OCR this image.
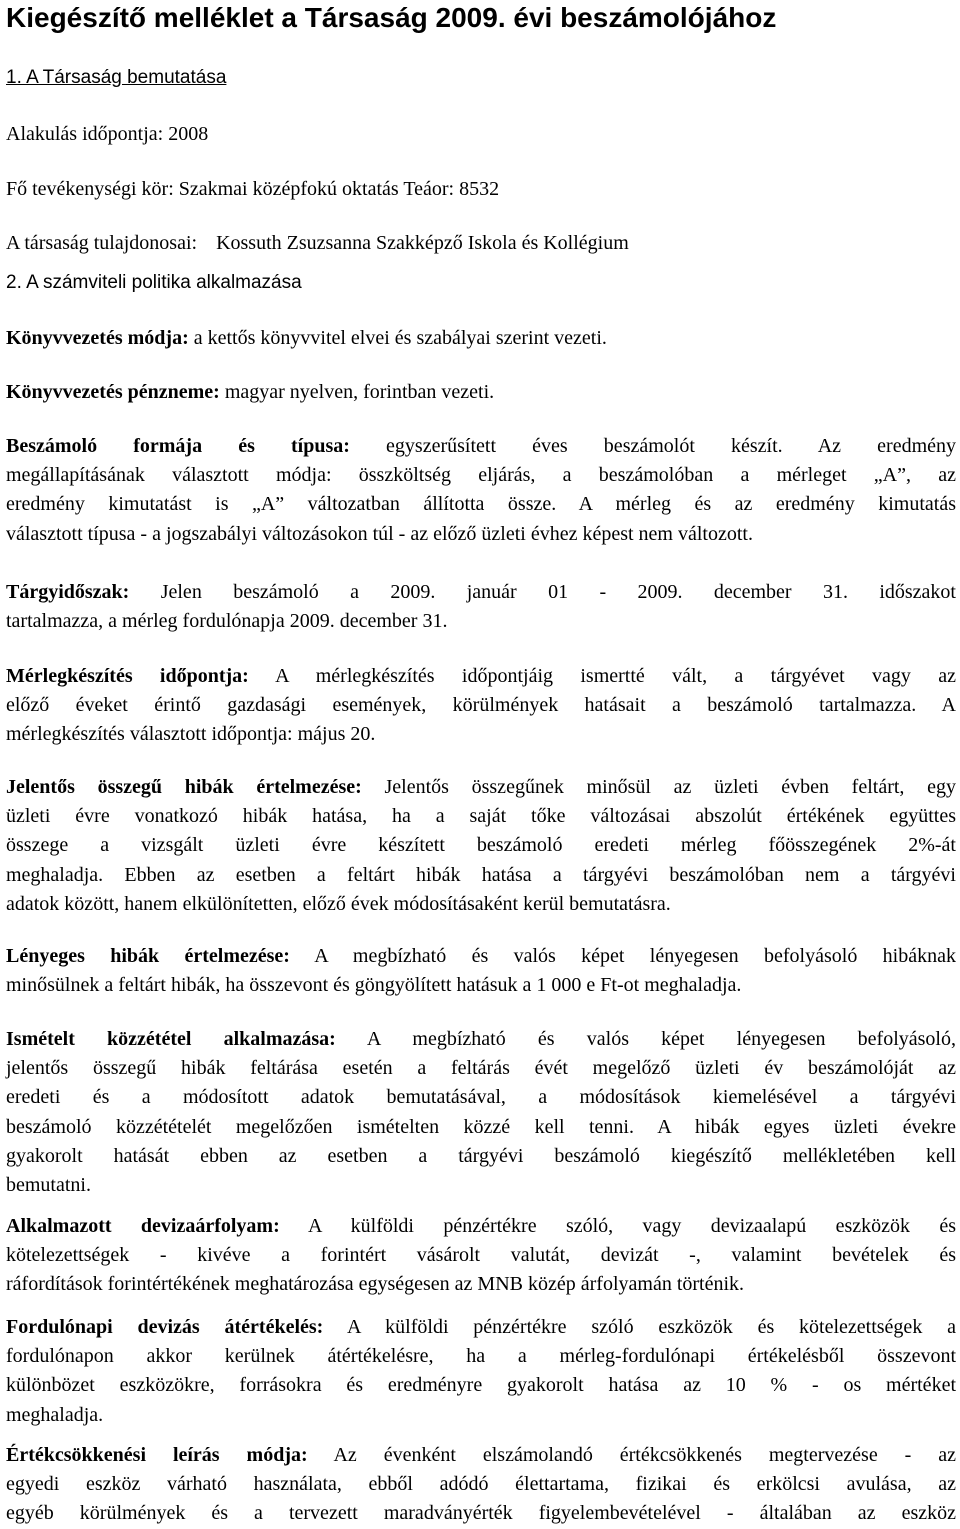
Kiegészítő melléklet a Társaság 2009. évi beszámolójához
1. A Társaság bemutatása
Alakulás időpontja: 2008
Fő tevékenységi kör: Szakmai középfokú oktatás Teáor: 8532
A társaság tulajdonosai: Kossuth Zsuzsanna Szakképző Iskola és Kollégium
2. A számviteli politika alkalmazása
Könyvvezetés módja: a kettős könyvvitel elvei és szabályai szerint vezeti.
Könyvvezetés pénzneme: magyar nyelven, forintban vezeti.
Beszámoló formája és típusa: egyszerűsített éves beszámolót készít. Az eredmény
megállapításának választott módja: összköltség eljárás, a beszámolóban a mérleget „A”, az
eredmény kimutatást is „A” változatban állította össze. A mérleg és az eredmény kimutatás
választott típusa - a jogszabályi változásokon túl - az előző üzleti évhez képest nem változott.
Tárgyidőszak: Jelen beszámoló a 2009. január 01 - 2009. december 31. időszakot
tartalmazza, a mérleg fordulónapja 2009. december 31.
Mérlegkészítés időpontja: A mérlegkészítés időpontjáig ismertté vált, a tárgyévet vagy az
előző éveket érintő gazdasági események, körülmények hatásait a beszámoló tartalmazza. A
mérlegkészítés választott időpontja: május 20.
Jelentős összegű hibák értelmezése: Jelentős összegűnek minősül az üzleti évben feltárt, egy
üzleti évre vonatkozó hibák hatása, ha a saját tőke változásai abszolút értékének együttes
összege a vizsgált üzleti évre készített beszámoló eredeti mérleg főösszegének 2%-át
meghaladja. Ebben az esetben a feltárt hibák hatása a tárgyévi beszámolóban nem a tárgyévi
adatok között, hanem elkülönítetten, előző évek módosításaként kerül bemutatásra.
Lényeges hibák értelmezése: A megbízható és valós képet lényegesen befolyásoló hibáknak
minősülnek a feltárt hibák, ha összevont és göngyölített hatásuk a 1 000 e Ft-ot meghaladja.
Ismételt közzététel alkalmazása: A megbízható és valós képet lényegesen befolyásoló,
jelentős összegű hibák feltárása esetén a feltárás évét megelőző üzleti év beszámolóját az
eredeti és a módosított adatok bemutatásával, a módosítások kiemelésével a tárgyévi
beszámoló közzétételét megelőzően ismételten közzé kell tenni. A hibák egyes üzleti évekre
gyakorolt hatását ebben az esetben a tárgyévi beszámoló kiegészítő mellékletében kell
bemutatni.
Alkalmazott devizaárfolyam: A külföldi pénzértékre szóló, vagy devizaalapú eszközök és
kötelezettségek - kivéve a forintért vásárolt valutát, devizát -, valamint bevételek és
ráfordítások forintértékének meghatározása egységesen az MNB közép árfolyamán történik.
Fordulónapi devizás átértékelés: A külföldi pénzértékre szóló eszközök és kötelezettségek a
fordulónapon akkor kerülnek átértékelésre, ha a mérleg-fordulónapi értékelésből összevont
különbözet eszközökre, forrásokra és eredményre gyakorolt hatása az 10 % - os mértéket
meghaladja.
Értékcsökkenési leírás módja: Az évenként elszámolandó értékcsökkenés megtervezése - az
egyedi eszköz várható használata, ebből adódó élettartama, fizikai és erkölcsi avulása, az
egyéb körülmények és a tervezett maradványérték figyelembevételével - általában az eszköz
